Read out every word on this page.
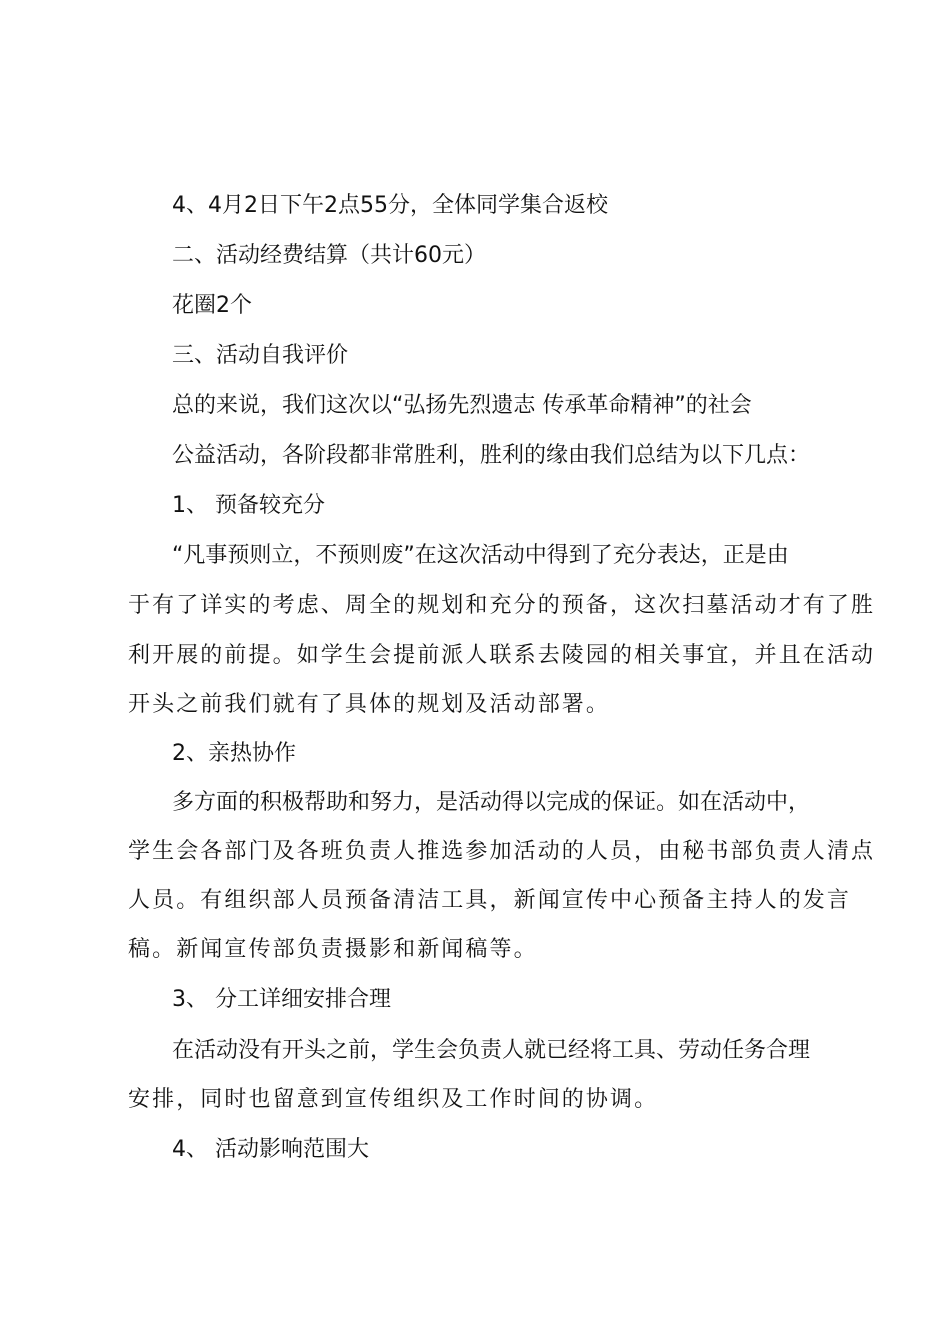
4、4月2日下午2点55分，全体同学集合返校
二、活动经费结算（共计60元）
花圈2个
三、活动自我评价
总的来说，我们这次以“弘扬先烈遗志 传承革命精神”的社会
公益活动，各阶段都非常胜利，胜利的缘由我们总结为以下几点：
1、 预备较充分
“凡事预则立，不预则废”在这次活动中得到了充分表达，正是由
于有了详实的考虑、周全的规划和充分的预备，这次扫墓活动才有了胜
利开展的前提。如学生会提前派人联系去陵园的相关事宜，并且在活动
开头之前我们就有了具体的规划及活动部署。
2、亲热协作
多方面的积极帮助和努力，是活动得以完成的保证。如在活动中，
学生会各部门及各班负责人推选参加活动的人员，由秘书部负责人清点
人员。有组织部人员预备清洁工具，新闻宣传中心预备主持人的发言
稿。新闻宣传部负责摄影和新闻稿等。
3、 分工详细安排合理
在活动没有开头之前，学生会负责人就已经将工具、劳动任务合理
安排，同时也留意到宣传组织及工作时间的协调。
4、 活动影响范围大
